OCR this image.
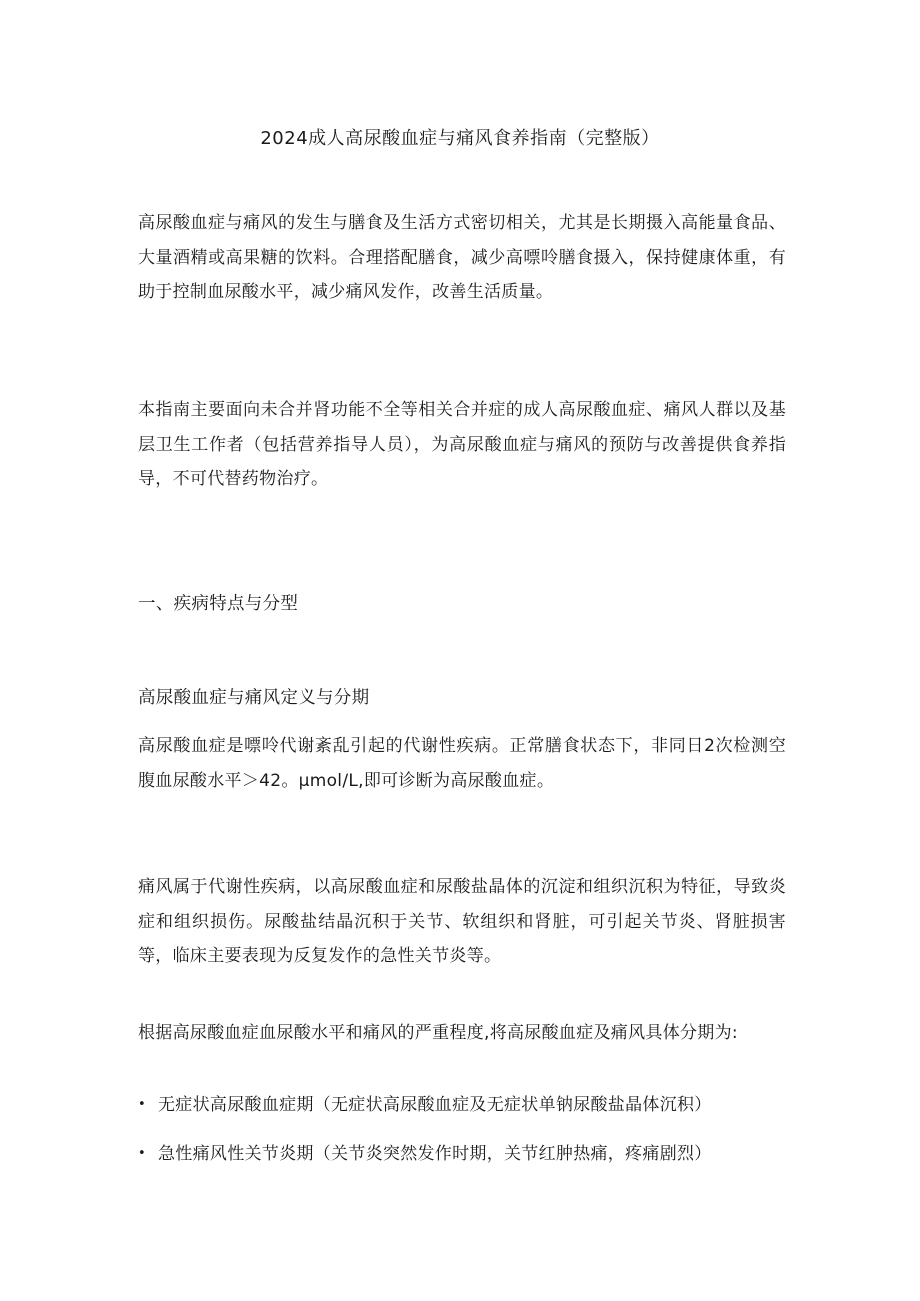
2024成人高尿酸血症与痛风食养指南（完整版）

高尿酸血症与痛风的发生与膳食及生活方式密切相关，尤其是长期摄入高能量食品、大量酒精或高果糖的饮料。合理搭配膳食，减少高嘌呤膳食摄入，保持健康体重，有助于控制血尿酸水平，减少痛风发作，改善生活质量。

本指南主要面向未合并肾功能不全等相关合并症的成人高尿酸血症、痛风人群以及基层卫生工作者（包括营养指导人员），为高尿酸血症与痛风的预防与改善提供食养指导，不可代替药物治疗。

一、疾病特点与分型
高尿酸血症与痛风定义与分期

高尿酸血症是嘌呤代谢紊乱引起的代谢性疾病。正常膳食状态下，非同日2次检测空腹血尿酸水平＞42。μmol∕L,即可诊断为高尿酸血症。

痛风属于代谢性疾病，以高尿酸血症和尿酸盐晶体的沉淀和组织沉积为特征，导致炎症和组织损伤。尿酸盐结晶沉积于关节、软组织和肾脏，可引起关节炎、肾脏损害等，临床主要表现为反复发作的急性关节炎等。

根据高尿酸血症血尿酸水平和痛风的严重程度,将高尿酸血症及痛风具体分期为:

• 无症状高尿酸血症期（无症状高尿酸血症及无症状单钠尿酸盐晶体沉积）
• 急性痛风性关节炎期（关节炎突然发作时期，关节红肿热痛，疼痛剧烈）
